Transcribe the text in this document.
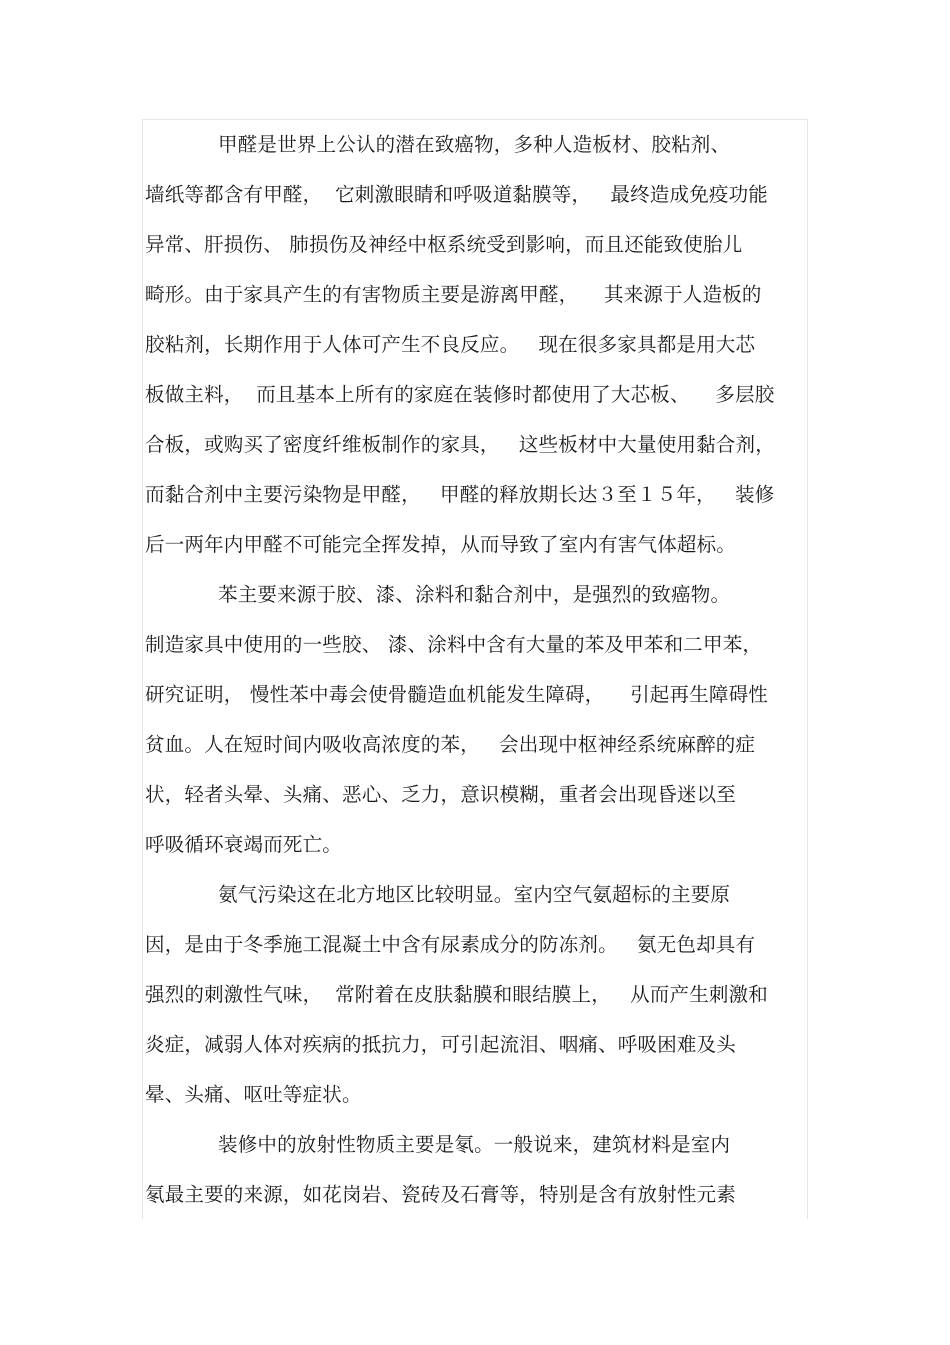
甲醛是世界上公认的潜在致癌物，多种人造板材、胶粘剂、
墙纸等都含有甲醛，  它刺激眼睛和呼吸道黏膜等，   最终造成免疫功能
异常、肝损伤、 肺损伤及神经中枢系统受到影响，而且还能致使胎儿
畸形。由于家具产生的有害物质主要是游离甲醛，    其来源于人造板的
胶粘剂，长期作用于人体可产生不良反应。   现在很多家具都是用大芯
板做主料，  而且基本上所有的家庭在装修时都使用了大芯板、    多层胶
合板，或购买了密度纤维板制作的家具，   这些板材中大量使用黏合剂，
而黏合剂中主要污染物是甲醛，   甲醛的释放期长达３至１５年，   装修
后一两年内甲醛不可能完全挥发掉，从而导致了室内有害气体超标。
苯主要来源于胶、漆、涂料和黏合剂中，是强烈的致癌物。
制造家具中使用的一些胶、 漆、涂料中含有大量的苯及甲苯和二甲苯，
研究证明， 慢性苯中毒会使骨髓造血机能发生障碍，    引起再生障碍性
贫血。人在短时间内吸收高浓度的苯，   会出现中枢神经系统麻醉的症
状，轻者头晕、头痛、恶心、乏力，意识模糊，重者会出现昏迷以至
呼吸循环衰竭而死亡。
氨气污染这在北方地区比较明显。室内空气氨超标的主要原
因，是由于冬季施工混凝土中含有尿素成分的防冻剂。   氨无色却具有
强烈的刺激性气味，  常附着在皮肤黏膜和眼结膜上，   从而产生刺激和
炎症，减弱人体对疾病的抵抗力，可引起流泪、咽痛、呼吸困难及头
晕、头痛、呕吐等症状。
装修中的放射性物质主要是氡。一般说来，建筑材料是室内
氡最主要的来源，如花岗岩、瓷砖及石膏等，特别是含有放射性元素
